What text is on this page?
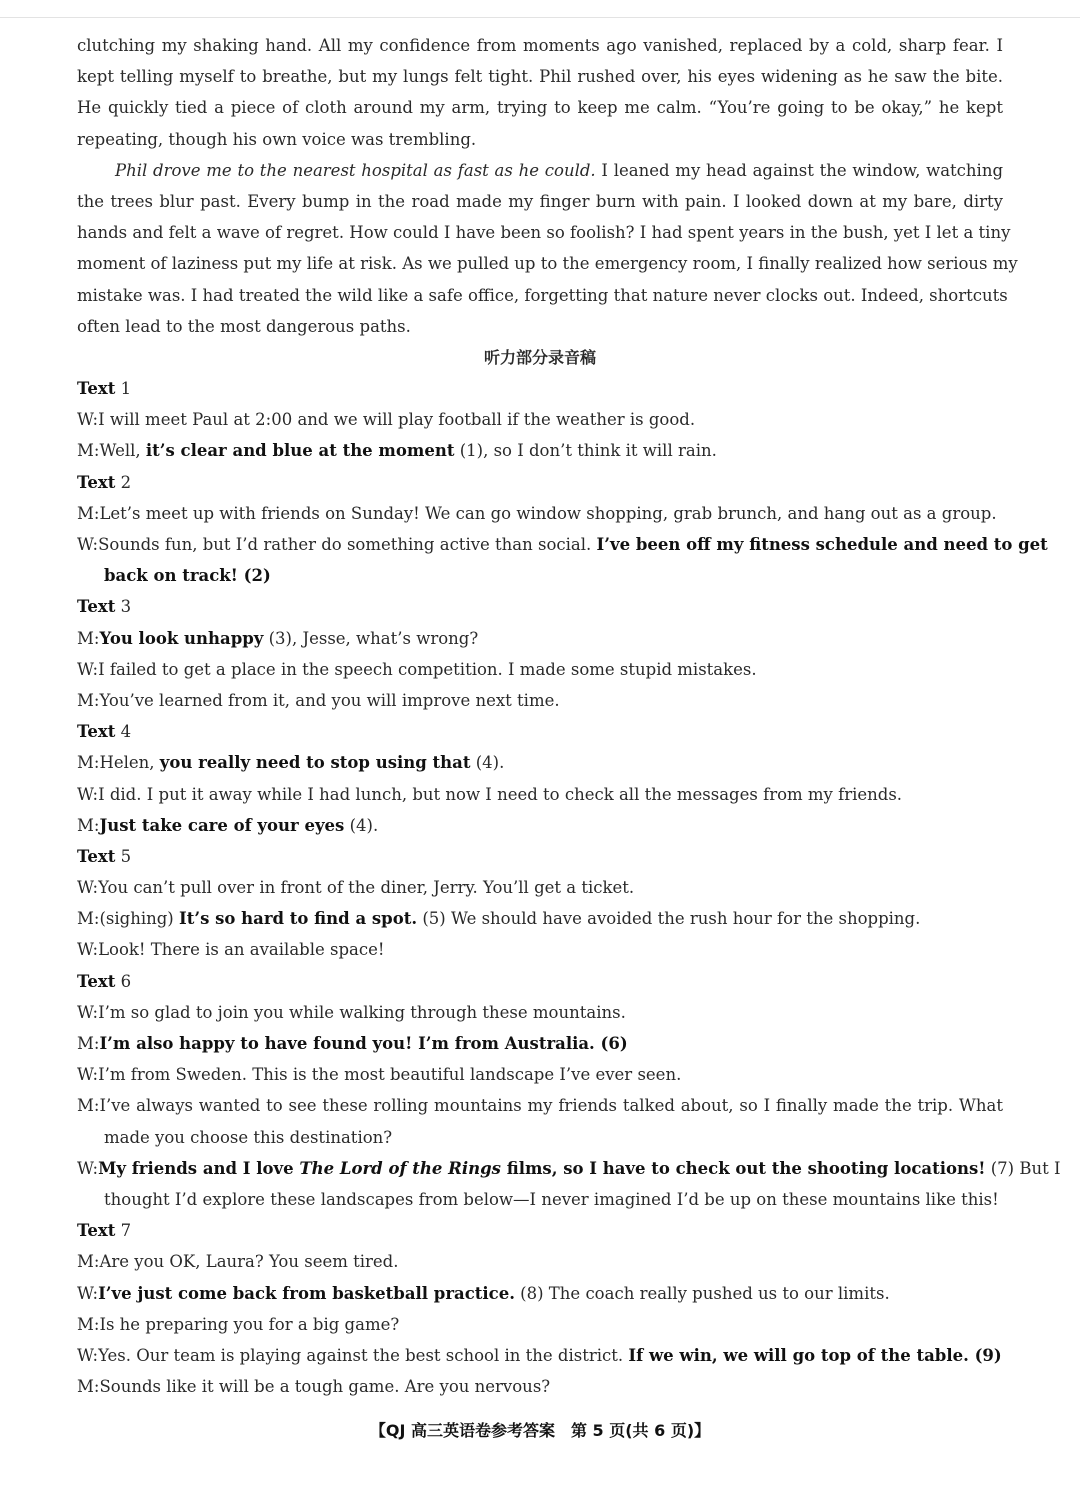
clutching my shaking hand. All my confidence from moments ago vanished, replaced by a cold, sharp fear. I
kept telling myself to breathe, but my lungs felt tight. Phil rushed over, his eyes widening as he saw the bite.
He quickly tied a piece of cloth around my arm, trying to keep me calm. “You’re going to be okay,” he kept
repeating, though his own voice was trembling.
Phil drove me to the nearest hospital as fast as he could. I leaned my head against the window, watching
the trees blur past. Every bump in the road made my finger burn with pain. I looked down at my bare, dirty
hands and felt a wave of regret. How could I have been so foolish? I had spent years in the bush, yet I let a tiny
moment of laziness put my life at risk. As we pulled up to the emergency room, I finally realized how serious my
mistake was. I had treated the wild like a safe office, forgetting that nature never clocks out. Indeed, shortcuts
often lead to the most dangerous paths.
听力部分录音稿
Text 1
W:I will meet Paul at 2:00 and we will play football if the weather is good.
M:Well, it’s clear and blue at the moment (1), so I don’t think it will rain.
Text 2
M:Let’s meet up with friends on Sunday! We can go window shopping, grab brunch, and hang out as a group.
W:Sounds fun, but I’d rather do something active than social. I’ve been off my fitness schedule and need to get
back on track! (2)
Text 3
M:You look unhappy (3), Jesse, what’s wrong?
W:I failed to get a place in the speech competition. I made some stupid mistakes.
M:You’ve learned from it, and you will improve next time.
Text 4
M:Helen, you really need to stop using that (4).
W:I did. I put it away while I had lunch, but now I need to check all the messages from my friends.
M:Just take care of your eyes (4).
Text 5
W:You can’t pull over in front of the diner, Jerry. You’ll get a ticket.
M:(sighing) It’s so hard to find a spot. (5) We should have avoided the rush hour for the shopping.
W:Look! There is an available space!
Text 6
W:I’m so glad to join you while walking through these mountains.
M:I’m also happy to have found you! I’m from Australia. (6)
W:I’m from Sweden. This is the most beautiful landscape I’ve ever seen.
M:I’ve always wanted to see these rolling mountains my friends talked about, so I finally made the trip. What
made you choose this destination?
W:My friends and I love The Lord of the Rings films, so I have to check out the shooting locations! (7) But I
thought I’d explore these landscapes from below—I never imagined I’d be up on these mountains like this!
Text 7
M:Are you OK, Laura? You seem tired.
W:I’ve just come back from basketball practice. (8) The coach really pushed us to our limits.
M:Is he preparing you for a big game?
W:Yes. Our team is playing against the best school in the district. If we win, we will go top of the table. (9)
M:Sounds like it will be a tough game. Are you nervous?
【QJ 高三英语卷参考答案　第 5 页(共 6 页)】
